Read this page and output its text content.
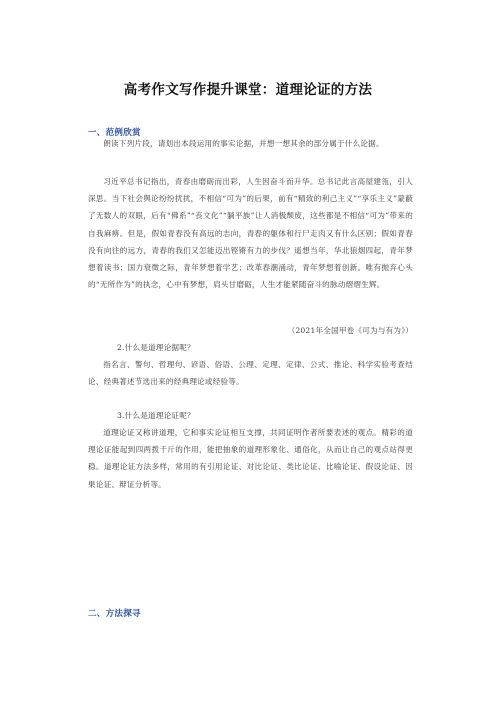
高考作文写作提升课堂：道理论证的方法
一、范例欣赏

朗读下列片段，请划出本段运用的事实论据，并想一想其余的部分属于什么论据。

习近平总书记指出，青春由磨砺而出彩，人生因奋斗而升华。总书记此言高屋建瓴，引人深思。当下社会舆论纷纷扰扰，不相信“可为”的后果，前有“精致的利己主义”“享乐主义”蒙蔽了无数人的双眼，后有“佛系”“丧文化”“躺平族”让人消极颓废，这些都是不相信“可为”带来的自我麻痹。但是，假如青春没有高远的志向，青春的躯体和行尸走肉又有什么区别；假如青春没有向往的远方，青春的我们又怎能迈出铿锵有力的步伐？遥想当年，华北狼烟四起，青年梦想着读书；国力衰微之际，青年梦想着学艺；改革春潮涌动，青年梦想着创新。唯有抛弃心头的“无所作为”的执念，心中有梦想，肩头甘磨砺，人生才能紧随奋斗的脉动熠熠生辉。

（2021年全国甲卷《可为与有为》）
2.什么是道理论据呢？

指名言、警句、哲理句、谚语、俗语、公理、定理、定律、公式、推论、科学实验考查结论、经典著述节选出来的经典理论或经验等。

3.什么是道理论证呢？

道理论证又称讲道理，它和事实论证相互支撑，共同证明作者所要表述的观点。精彩的道理论证能起到四两拨千斤的作用，能把抽象的道理形象化、通俗化，从而让自己的观点站得更稳。道理论证方法多样，常用的有引用论证、对比论证、类比论证、比喻论证、假设论证、因果论证、辩证分析等。

二、方法探寻
